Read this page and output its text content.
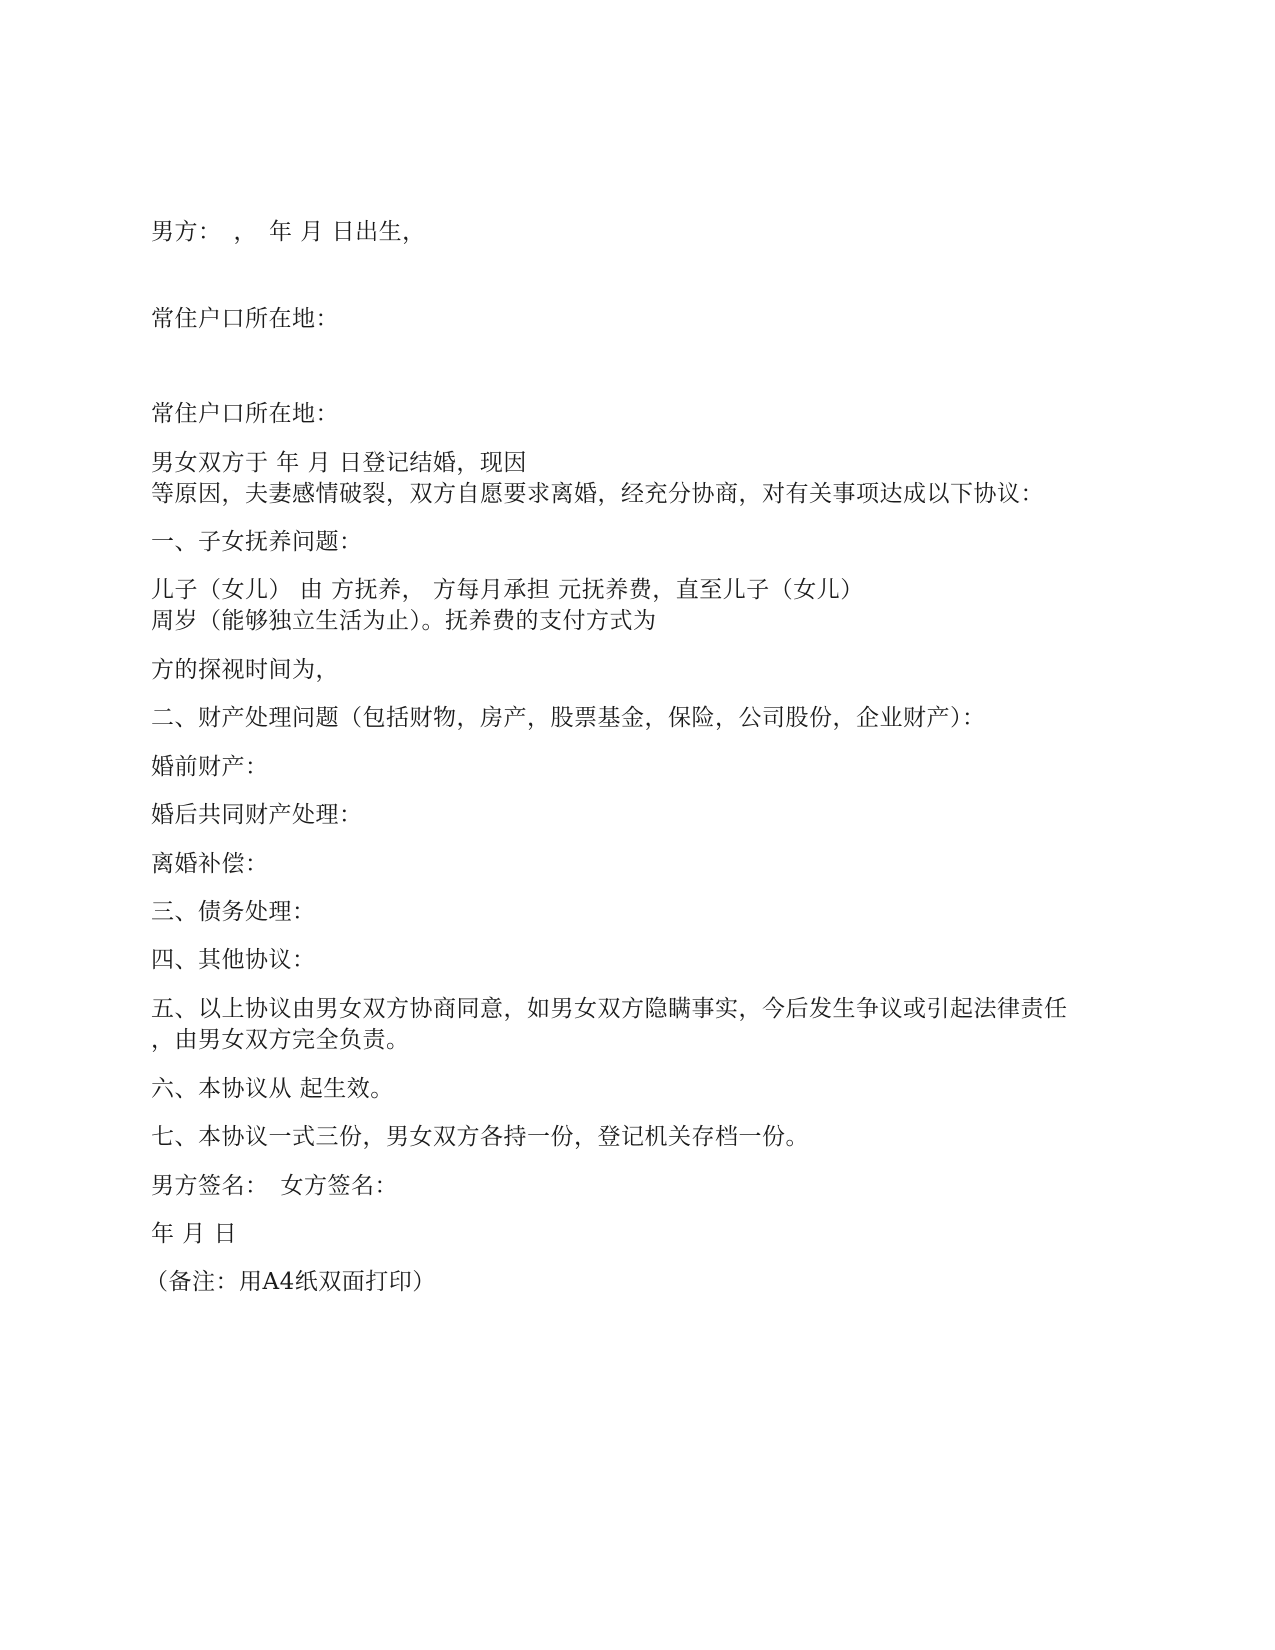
男方：　，　年 月 日出生，
常住户口所在地：
常住户口所在地：
男女双方于 年 月 日登记结婚，现因
等原因，夫妻感情破裂，双方自愿要求离婚，经充分协商，对有关事项达成以下协议：
一、子女抚养问题：
儿子（女儿） 由 方抚养， 方每月承担 元抚养费，直至儿子（女儿）
周岁（能够独立生活为止）。抚养费的支付方式为
方的探视时间为，
二、财产处理问题（包括财物，房产，股票基金，保险，公司股份，企业财产）：
婚前财产：
婚后共同财产处理：
离婚补偿：
三、债务处理：
四、其他协议：
五、以上协议由男女双方协商同意，如男女双方隐瞒事实，今后发生争议或引起法律责任
，由男女双方完全负责。
六、本协议从 起生效。
七、本协议一式三份，男女双方各持一份，登记机关存档一份。
男方签名：　女方签名：
年 月 日
（备注：用A4纸双面打印）
